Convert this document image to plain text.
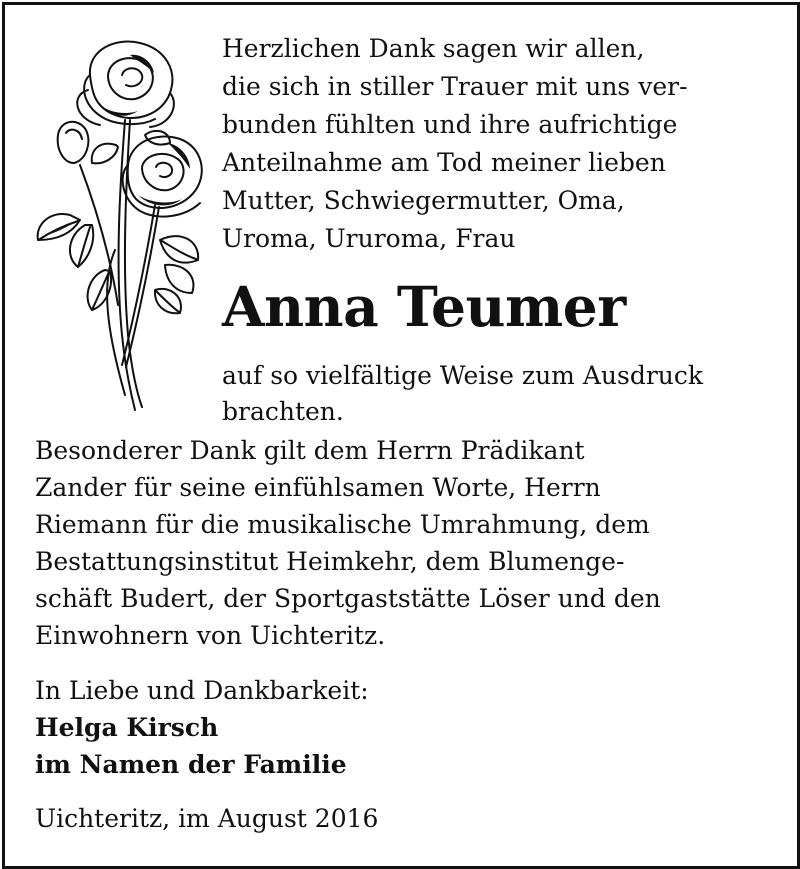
Herzlichen Dank sagen wir allen,
die sich in stiller Trauer mit uns ver-
bunden fühlten und ihre aufrichtige
Anteilnahme am Tod meiner lieben
Mutter, Schwiegermutter, Oma,
Uroma, Ururoma, Frau
Anna Teumer
auf so vielfältige Weise zum Ausdruck
brachten.
Besonderer Dank gilt dem Herrn Prädikant
Zander für seine einfühlsamen Worte, Herrn
Riemann für die musikalische Umrahmung, dem
Bestattungsinstitut Heimkehr, dem Blumenge-
schäft Budert, der Sportgaststätte Löser und den
Einwohnern von Uichteritz.
In Liebe und Dankbarkeit:
Helga Kirsch
im Namen der Familie
Uichteritz, im August 2016
